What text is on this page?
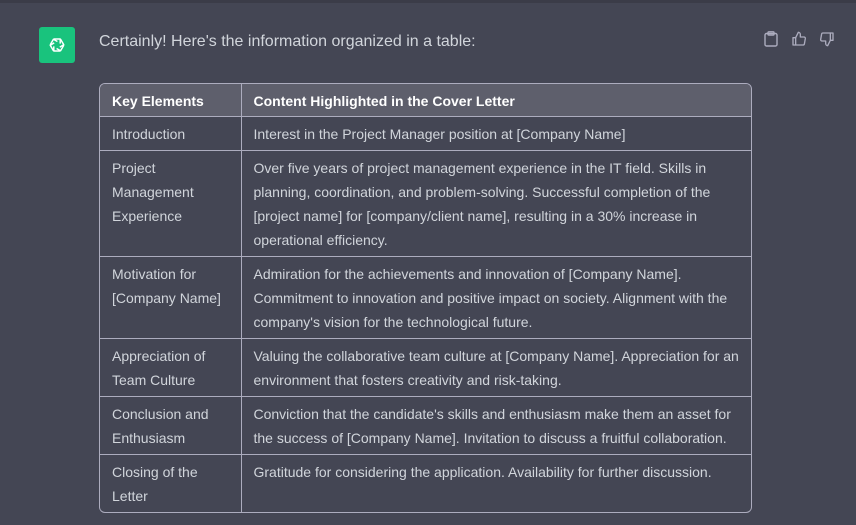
Certainly! Here's the information organized in a table:
Key Elements	Content Highlighted in the Cover Letter
Introduction	Interest in the Project Manager position at [Company Name]
Project Management Experience	Over five years of project management experience in the IT field. Skills in planning, coordination, and problem-solving. Successful completion of the [project name] for [company/client name], resulting in a 30% increase in operational efficiency.
Motivation for [Company Name]	Admiration for the achievements and innovation of [Company Name]. Commitment to innovation and positive impact on society. Alignment with the company's vision for the technological future.
Appreciation of Team Culture	Valuing the collaborative team culture at [Company Name]. Appreciation for an environment that fosters creativity and risk-taking.
Conclusion and Enthusiasm	Conviction that the candidate's skills and enthusiasm make them an asset for the success of [Company Name]. Invitation to discuss a fruitful collaboration.
Closing of the Letter	Gratitude for considering the application. Availability for further discussion.
